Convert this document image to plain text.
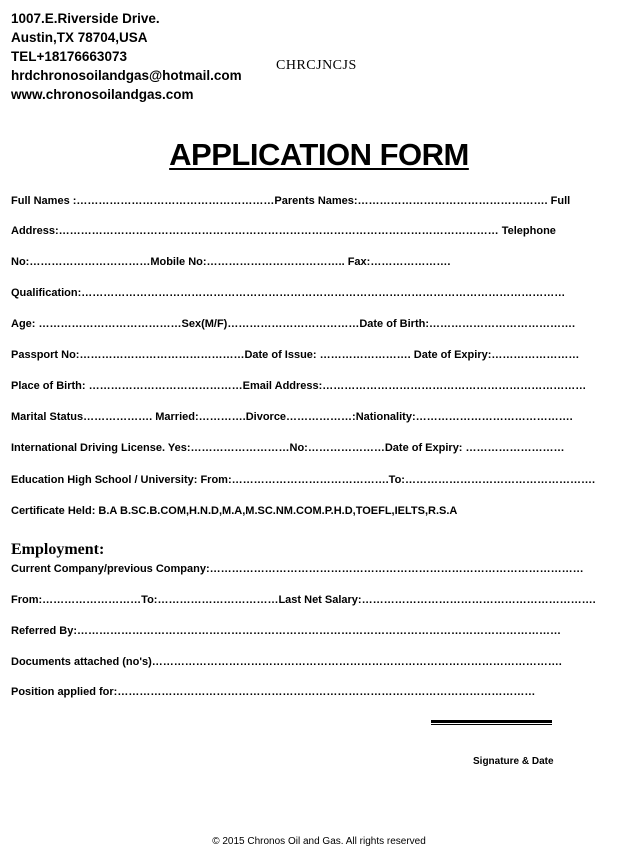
1007.E.Riverside Drive.
Austin,TX 78704,USA
TEL+18176663073
hrdchronosoilandgas@hotmail.com
www.chronosoilandgas.com
CHRCJNCJS
APPLICATION FORM
Full Names :………………………………………………Parents Names:……………………………………………. Full
Address:………………………………………………………………………………………………………… Telephone
No:……………………………Mobile No:……………………………….. Fax:………………….
Qualification:……………………………………………………………………………………………………………………
Age: …………………………………Sex(M/F)………………………………Date of Birth:………………………………….
Passport No:………………………………………Date of Issue: ……………………. Date of Expiry:……………………
Place of Birth: ……………………………………Email Address:………………………………………………………………
Marital Status………………. Married:………….Divorce………………:Nationality:…………………………………….
International Driving License. Yes:………………………No:…………………Date of Expiry: ………………………
Education High School / University: From:…………………………………….To:…………………………………………….
Certificate Held: B.A B.SC.B.COM,H.N.D,M.A,M.SC.NM.COM.P.H.D,TOEFL,IELTS,R.S.A
Employment:
Current Company/previous Company:…………………………………………………………………………………………
From:………………………To:……………………………Last Net Salary:……………………………………………………….
Referred By:……………………………………………………………………………………………………………………
Documents attached (no's)………………………………………………………………………………………………….
Position applied for:……………………………………………………………………………………………………
Signature & Date
© 2015 Chronos Oil and Gas. All rights reserved
